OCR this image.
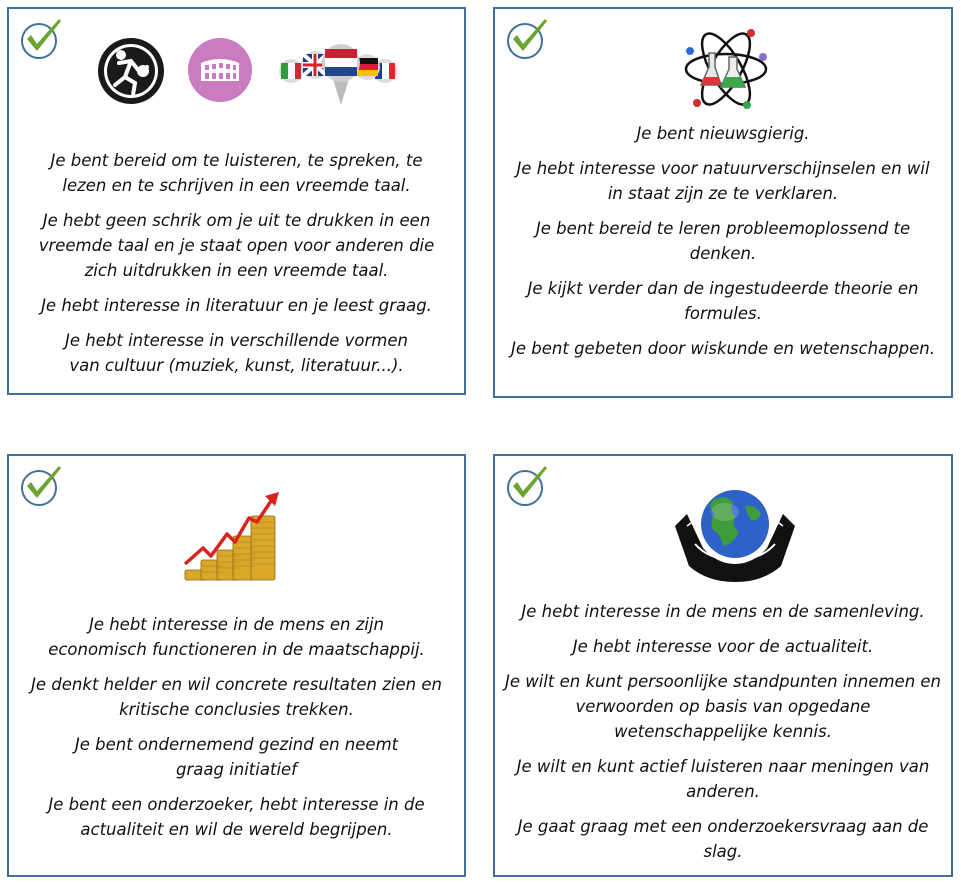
Je bent bereid om te luisteren, te spreken, te lezen en te schrijven in een vreemde taal.

Je hebt geen schrik om je uit te drukken in een vreemde taal en je staat open voor anderen die zich uitdrukken in een vreemde taal.

Je hebt interesse in literatuur en je leest graag.

Je hebt interesse in verschillende vormen van cultuur (muziek, kunst, literatuur...).

Je bent nieuwsgierig.

Je hebt interesse voor natuurverschijnselen en wil in staat zijn ze te verklaren.

Je bent bereid te leren probleemoplossend te denken.

Je kijkt verder dan de ingestudeerde theorie en formules.

Je bent gebeten door wiskunde en wetenschappen.

Je hebt interesse in de mens en zijn economisch functioneren in de maatschappij.

Je denkt helder en wil concrete resultaten zien en kritische conclusies trekken.

Je bent ondernemend gezind en neemt graag initiatief

Je bent een onderzoeker, hebt interesse in de actualiteit en wil de wereld begrijpen.

Je hebt interesse in de mens en de samenleving.

Je hebt interesse voor de actualiteit.

Je wilt en kunt persoonlijke standpunten innemen en verwoorden op basis van opgedane wetenschappelijke kennis.

Je wilt en kunt actief luisteren naar meningen van anderen.

Je gaat graag met een onderzoekersvraag aan de slag.
